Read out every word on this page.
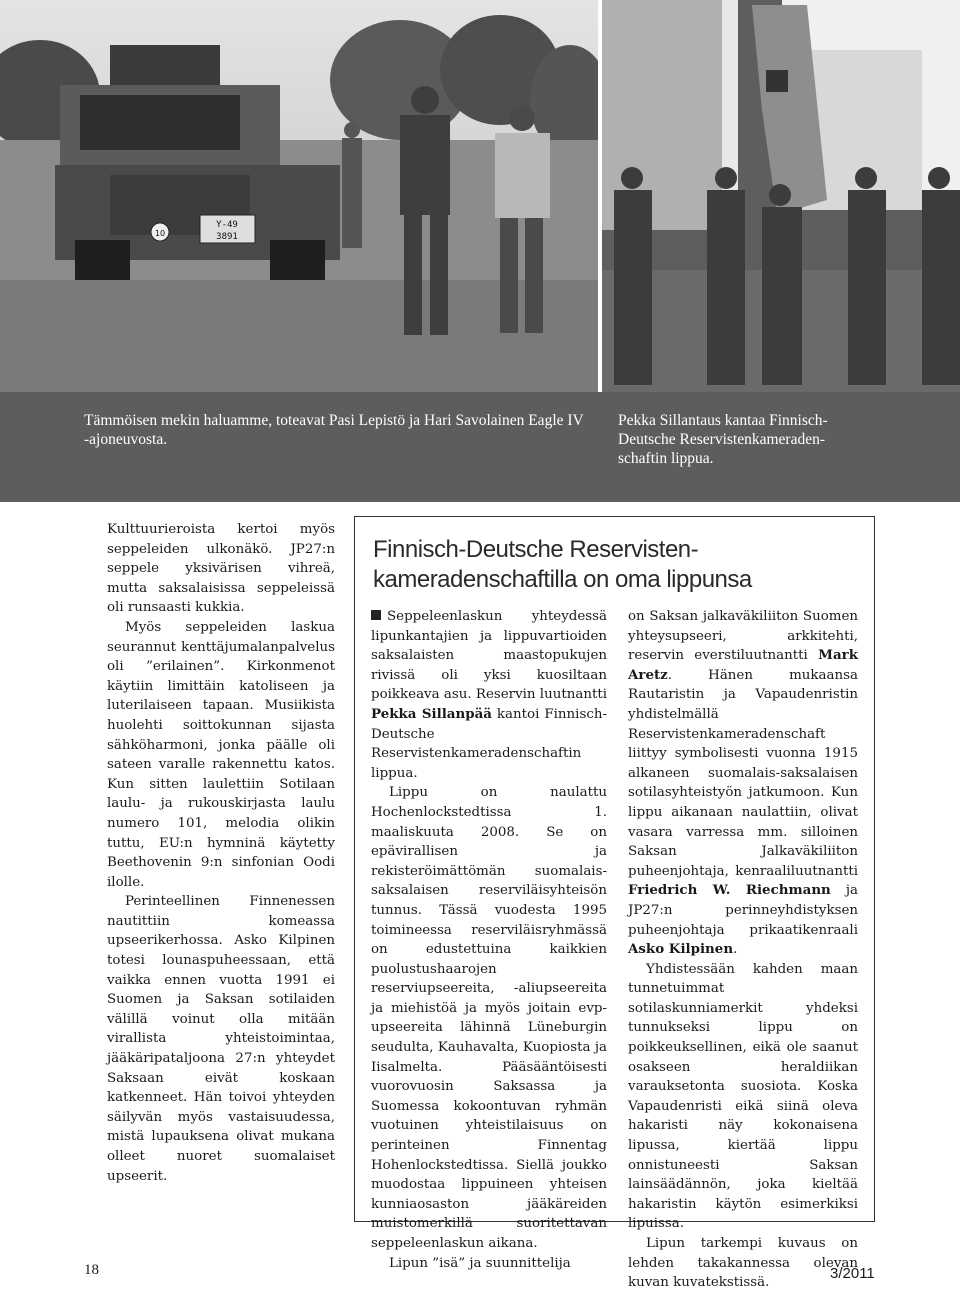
Y-49
3891
10
Tämmöisen mekin haluamme, toteavat Pasi Lepistö ja Hari Savolainen Eagle IV -ajoneuvosta.
Pekka Sillantaus kantaa Finnisch-Deutsche Reservistenkameraden-schaftin lippua.

Kulttuurieroista kertoi myös seppeleiden ulkonäkö. JP27:n seppele yksivärisen vihreä, mutta saksalaisissa seppeleissä oli runsaasti kukkia.

Myös seppeleiden laskua seurannut kenttäjumalanpalvelus oli ”erilainen”. Kirkonmenot käytiin limittäin katoliseen ja luterilaiseen tapaan. Musiikista huolehti soittokunnan sijasta sähköharmoni, jonka päälle oli sateen varalle rakennettu katos. Kun sitten laulettiin Sotilaan laulu- ja rukouskirjasta laulu numero 101, melodia olikin tuttu, EU:n hymninä käytetty Beethovenin 9:n sinfonian Oodi ilolle.

Perinteellinen Finnenessen nautittiin komeassa upseerikerhossa. Asko Kilpinen totesi lounaspuheessaan, että vaikka ennen vuotta 1991 ei Suomen ja Saksan sotilaiden välillä voinut olla mitään virallista yhteistoimintaa, jääkäripataljoona 27:n yhteydet Saksaan eivät koskaan katkenneet. Hän toivoi yhteyden säilyvän myös vastaisuudessa, mistä lupauksena olivat mukana olleet nuoret suomalaiset upseerit.

Finnisch-Deutsche Reservisten-
kameradenschaftilla on oma lippunsa

Seppeleenlaskun yhteydessä lipunkantajien ja lippuvartioiden saksalaisten maastopukujen rivissä oli yksi kuosiltaan poikkeava asu. Reservin luutnantti Pekka Sillanpää kantoi Finnisch-Deutsche Reservistenkameradenschaftin lippua.

Lippu on naulattu Hochenlockstedtissa 1. maaliskuuta 2008. Se on epävirallisen ja rekisteröimättömän suomalais-saksalaisen reserviläisyhteisön tunnus. Tässä vuodesta 1995 toimineessa reserviläisryhmässä on edustettuina kaikkien puolustushaarojen reserviupseereita, -aliupseereita ja miehistöä ja myös joitain evp-upseereita lähinnä Lüneburgin seudulta, Kauhavalta, Kuopiosta ja Iisalmelta. Pääsääntöisesti vuorovuosin Saksassa ja Suomessa kokoontuvan ryhmän vuotuinen yhteistilaisuus on perinteinen Finnentag Hohenlockstedtissa. Siellä joukko muodostaa lippuineen yhteisen kunniaosaston jääkäreiden muistomerkillä suoritettavan seppeleenlaskun aikana.

Lipun ”isä” ja suunnittelija

on Saksan jalkaväkiliiton Suomen yhteysupseeri, arkkitehti, reservin everstiluutnantti Mark Aretz. Hänen mukaansa Rautaristin ja Vapaudenristin yhdistelmällä Reservistenkameradenschaft liittyy symbolisesti vuonna 1915 alkaneen suomalais-saksalaisen sotilasyhteistyön jatkumoon. Kun lippu aikanaan naulattiin, olivat vasara varressa mm. silloinen Saksan Jalkaväkiliiton puheenjohtaja, kenraaliluutnantti Friedrich W. Riechmann ja JP27:n perinneyhdistyksen puheenjohtaja prikaatikenraali Asko Kilpinen.

Yhdistessään kahden maan tunnetuimmat sotilaskunniamerkit yhdeksi tunnukseksi lippu on poikkeuksellinen, eikä ole saanut osakseen heraldiikan varauksetonta suosiota. Koska Vapaudenristi eikä siinä oleva hakaristi näy kokonaisena lipussa, kiertää lippu onnistuneesti Saksan lainsäädännön, joka kieltää hakaristin käytön esimerkiksi lipuissa.

Lipun tarkempi kuvaus on lehden takakannessa olevan kuvan kuvatekstissä.

18	3/2011
